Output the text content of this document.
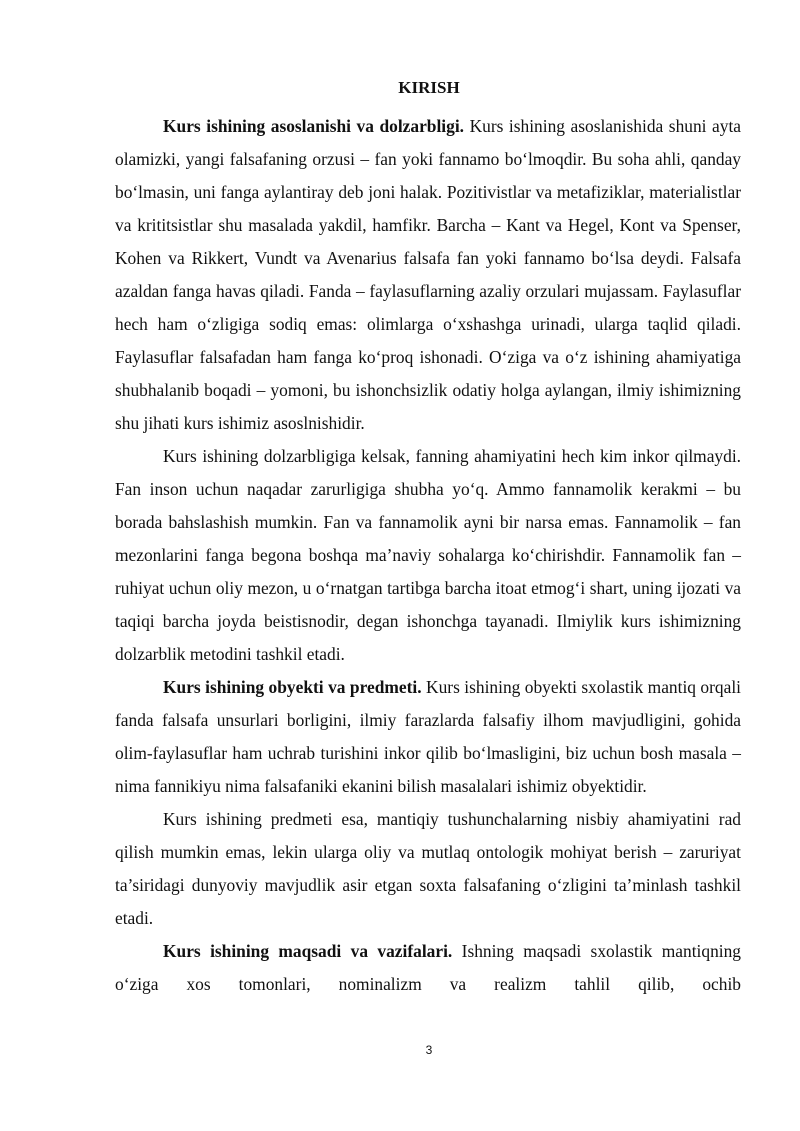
KIRISH

Kurs ishining asoslanishi va dolzarbligi. Kurs ishining asoslanishida shuni ayta olamizki, yangi falsafaning orzusi – fan yoki fannamo bo‘lmoqdir. Bu soha ahli, qanday bo‘lmasin, uni fanga aylantiray deb joni halak. Pozitivistlar va metafiziklar, materialistlar va krititsistlar shu masalada yakdil, hamfikr. Barcha – Kant va Hegel, Kont va Spenser, Kohen va Rikkert, Vundt va Avenarius falsafa fan yoki fannamo bo‘lsa deydi. Falsafa azaldan fanga havas qiladi. Fanda – faylasuflarning azaliy orzulari mujassam. Faylasuflar hech ham o‘zligiga sodiq emas: olimlarga o‘xshashga urinadi, ularga taqlid qiladi. Faylasuflar falsafadan ham fanga ko‘proq ishonadi. O‘ziga va o‘z ishining ahamiyatiga shubhalanib boqadi – yomoni, bu ishonchsizlik odatiy holga aylangan, ilmiy ishimizning shu jihati kurs ishimiz asoslnishidir.

Kurs ishining dolzarbligiga kelsak, fanning ahamiyatini hech kim inkor qilmaydi. Fan inson uchun naqadar zarurligiga shubha yo‘q. Ammo fannamolik kerakmi – bu borada bahslashish mumkin. Fan va fannamolik ayni bir narsa emas. Fannamolik – fan mezonlarini fanga begona boshqa ma’naviy sohalarga ko‘chirishdir. Fannamolik fan – ruhiyat uchun oliy mezon, u o‘rnatgan tartibga barcha itoat etmog‘i shart, uning ijozati va taqiqi barcha joyda beistisnodir, degan ishonchga tayanadi. Ilmiylik kurs ishimizning dolzarblik metodini tashkil etadi.

Kurs ishining obyekti va predmeti. Kurs ishining obyekti sxolastik mantiq orqali fanda falsafa unsurlari borligini, ilmiy farazlarda falsafiy ilhom mavjudligini, gohida olim-faylasuflar ham uchrab turishini inkor qilib bo‘lmasligini, biz uchun bosh masala – nima fannikiyu nima falsafaniki ekanini bilish masalalari ishimiz obyektidir.

Kurs ishining predmeti esa, mantiqiy tushunchalarning nisbiy ahamiyatini rad qilish mumkin emas, lekin ularga oliy va mutlaq ontologik mohiyat berish – zaruriyat ta’siridagi dunyoviy mavjudlik asir etgan soxta falsafaning o‘zligini ta’minlash tashkil etadi.

Kurs ishining maqsadi va vazifalari. Ishning maqsadi sxolastik mantiqning o‘ziga xos tomonlari, nominalizm va realizm tahlil qilib, ochib

3
